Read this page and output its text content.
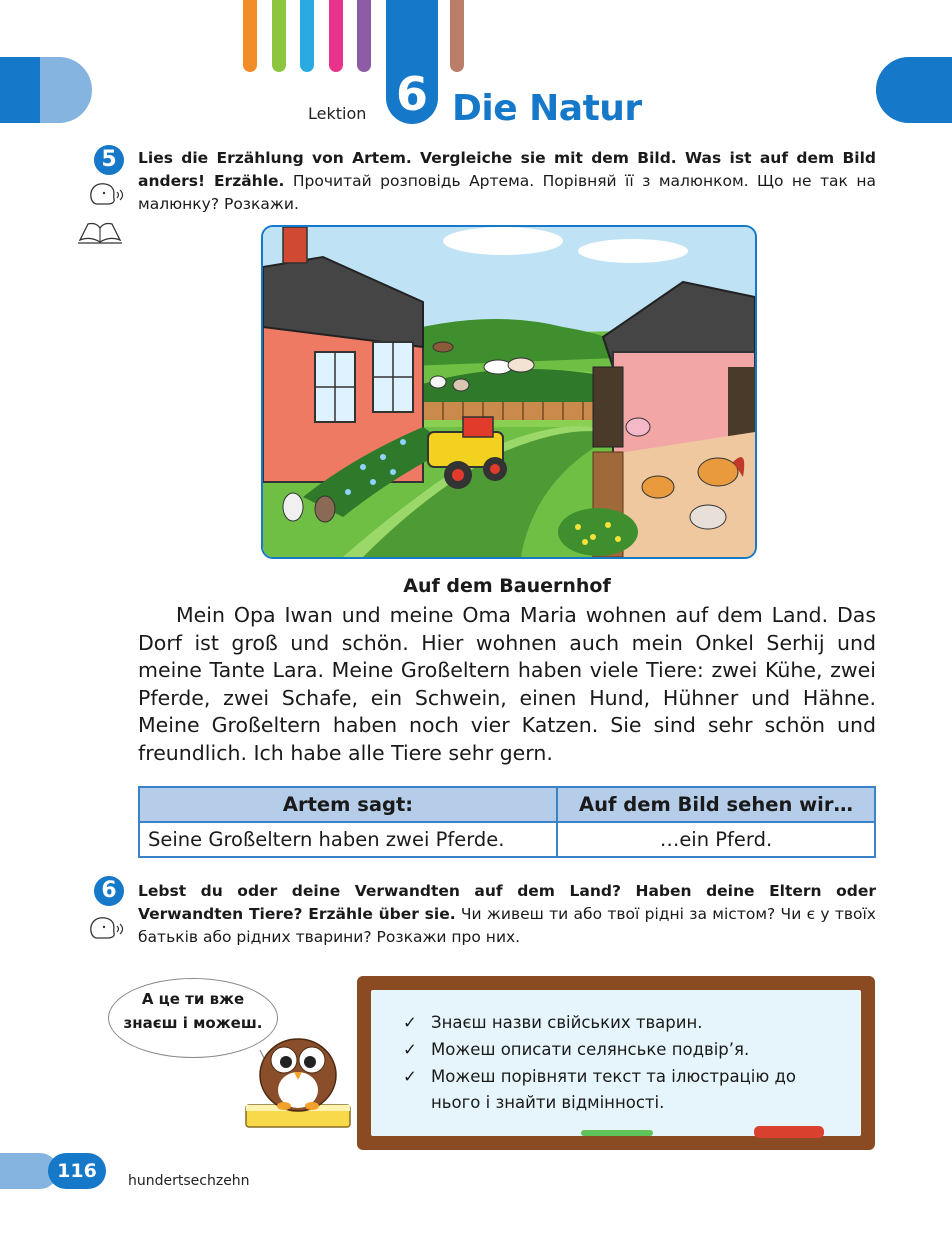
6
Lektion Die Natur
5	Lies die Erzählung von Artem. Vergleiche sie mit dem Bild. Was ist auf dem Bild anders! Erzähle. Прочитай розповідь Артема. Порівняй її з малюнком. Що не так на малюнку? Розкажи.
Auf dem Bauernhof
Mein Opa Iwan und meine Oma Maria wohnen auf dem Land. Das Dorf ist groß und schön. Hier wohnen auch mein Onkel Serhij und meine Tante Lara. Meine Großeltern haben viele Tiere: zwei Kühe, zwei Pferde, zwei Schafe, ein Schwein, einen Hund, Hühner und Hähne. Meine Großeltern haben noch vier Katzen. Sie sind sehr schön und freundlich. Ich habe alle Tiere sehr gern.
Artem sagt:	Auf dem Bild sehen wir…
Seine Großeltern haben zwei Pferde.	…ein Pferd.
6	Lebst du oder deine Verwandten auf dem Land? Haben deine Eltern oder Verwandten Tiere? Erzähle über sie. Чи живеш ти або твої рідні за містом? Чи є у твоїх батьків або рідних тварини? Розкажи про них.
А це ти вже
знаєш і можеш.	✓ Знаєш назви свійських тварин.
✓ Можеш описати селянське подвір’я.
✓ Можеш порівняти текст та ілюстрацію до нього і знайти відмінності.
116	hundertsechzehn
